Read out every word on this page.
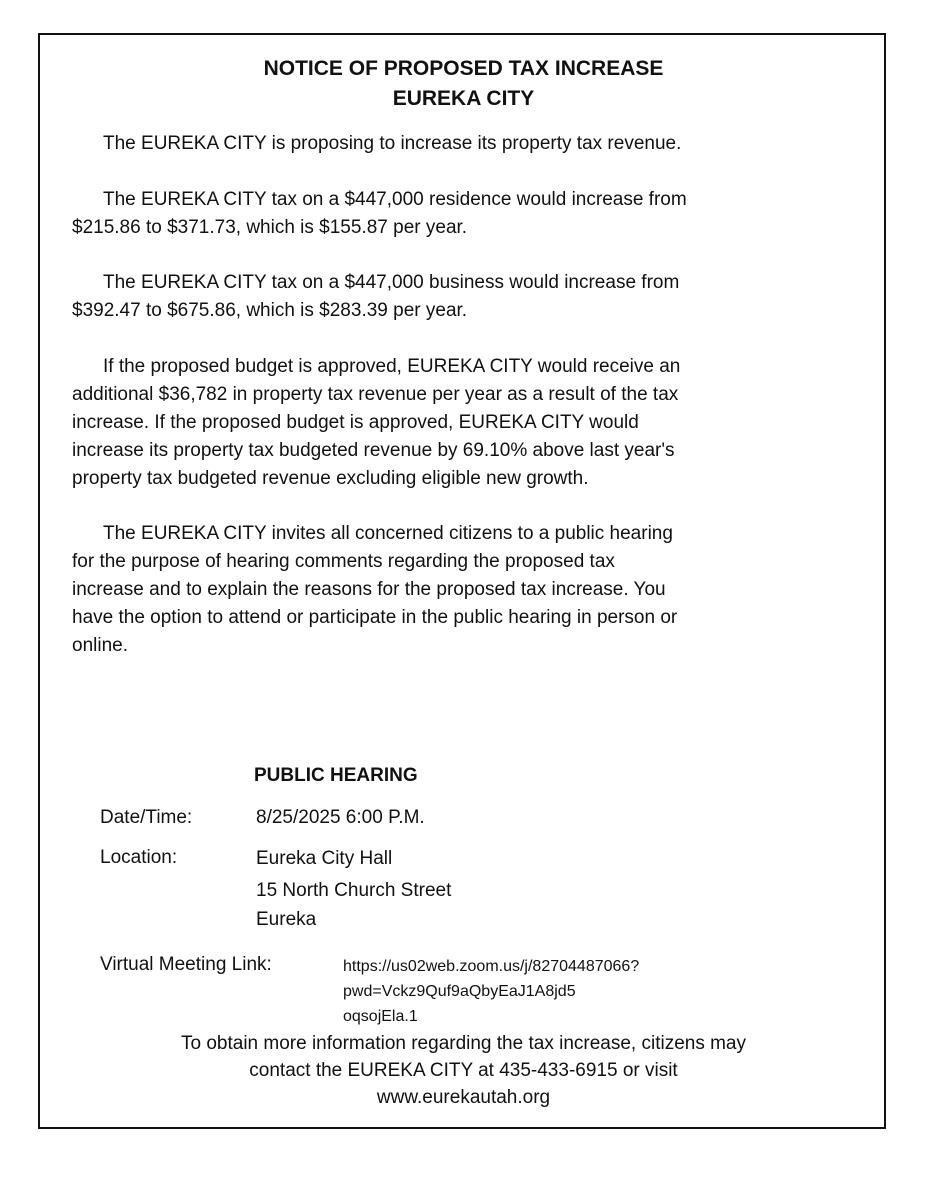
NOTICE OF PROPOSED TAX INCREASE
EUREKA CITY
The EUREKA CITY is proposing to increase its property tax revenue.
The EUREKA CITY tax on a $447,000 residence would increase from
$215.86 to $371.73, which is $155.87 per year.
The EUREKA CITY tax on a $447,000 business would increase from
$392.47 to $675.86, which is $283.39 per year.
If the proposed budget is approved, EUREKA CITY would receive an
additional $36,782 in property tax revenue per year as a result of the tax
increase. If the proposed budget is approved, EUREKA CITY would
increase its property tax budgeted revenue by 69.10% above last year's
property tax budgeted revenue excluding eligible new growth.
The EUREKA CITY invites all concerned citizens to a public hearing
for the purpose of hearing comments regarding the proposed tax
increase and to explain the reasons for the proposed tax increase. You
have the option to attend or participate in the public hearing in person or
online.
PUBLIC HEARING
Date/Time:	8/25/2025 6:00 P.M.
Location:	Eureka City Hall
15 North Church Street
Eureka
Virtual Meeting Link:	https://us02web.zoom.us/j/82704487066?pwd=Vckz9Quf9aQbyEaJ1A8jd5
oqsojEla.1
To obtain more information regarding the tax increase, citizens may
contact the EUREKA CITY at 435-433-6915 or visit
www.eurekautah.org
